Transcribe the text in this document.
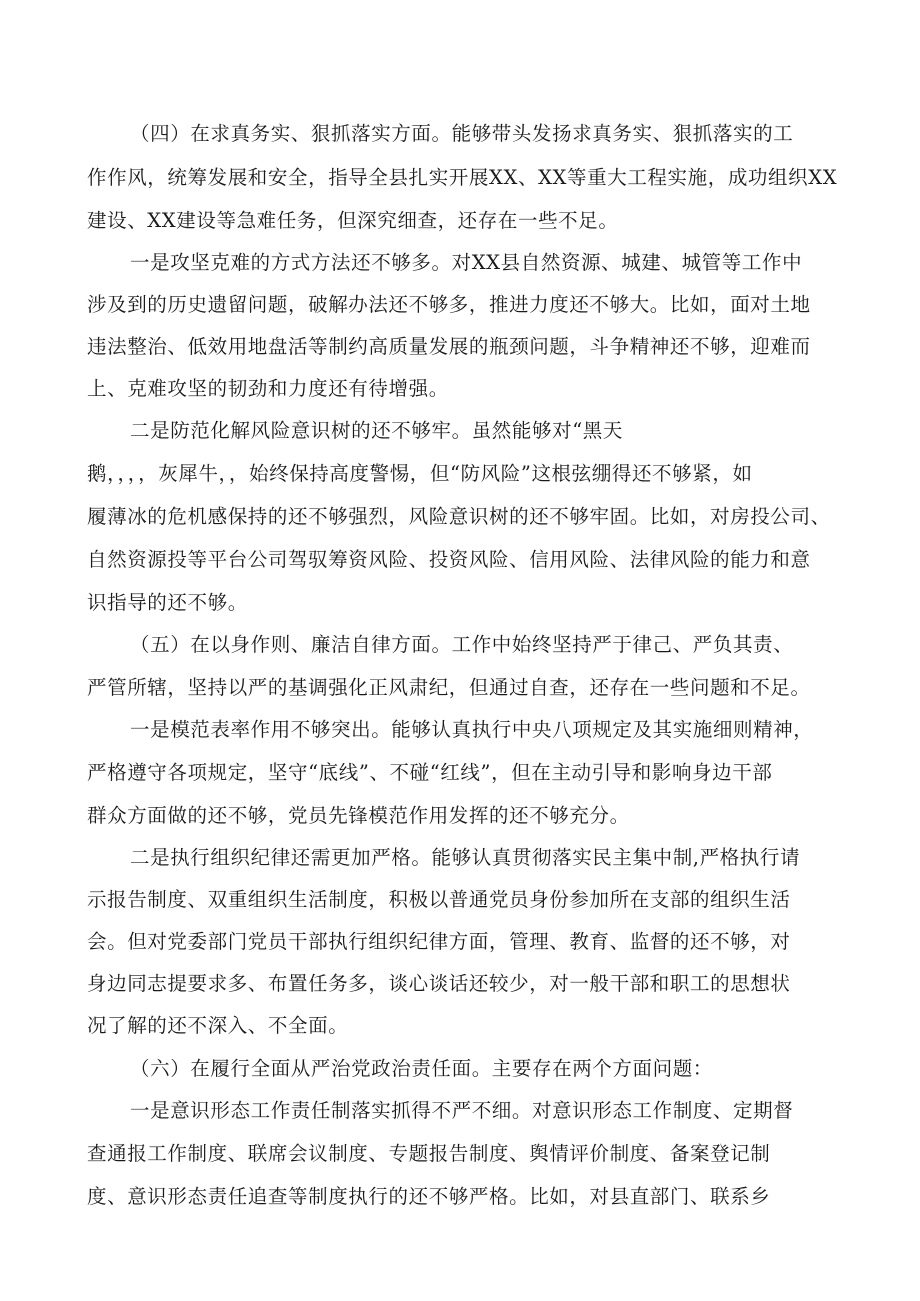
（四）在求真务实、狠抓落实方面。能够带头发扬求真务实、狠抓落实的工
作作风，统筹发展和安全，指导全县扎实开展XX、XX等重大工程实施，成功组织XX
建设、XX建设等急难任务，但深究细查，还存在一些不足。
一是攻坚克难的方式方法还不够多。对XX县自然资源、城建、城管等工作中
涉及到的历史遗留问题，破解办法还不够多，推进力度还不够大。比如，面对土地
违法整治、低效用地盘活等制约高质量发展的瓶颈问题，斗争精神还不够，迎难而
上、克难攻坚的韧劲和力度还有待增强。
二是防范化解风险意识树的还不够牢。虽然能够对“黑天
鹅，，，，灰犀牛，，始终保持高度警惕，但“防风险”这根弦绷得还不够紧，如
履薄冰的危机感保持的还不够强烈，风险意识树的还不够牢固。比如，对房投公司、
自然资源投等平台公司驾驭筹资风险、投资风险、信用风险、法律风险的能力和意
识指导的还不够。
（五）在以身作则、廉洁自律方面。工作中始终坚持严于律己、严负其责、
严管所辖，坚持以严的基调强化正风肃纪，但通过自查，还存在一些问题和不足。
一是模范表率作用不够突出。能够认真执行中央八项规定及其实施细则精神，
严格遵守各项规定，坚守“底线”、不碰“红线”，但在主动引导和影响身边干部
群众方面做的还不够，党员先锋模范作用发挥的还不够充分。
二是执行组织纪律还需更加严格。能够认真贯彻落实民主集中制,严格执行请
示报告制度、双重组织生活制度，积极以普通党员身份参加所在支部的组织生活
会。但对党委部门党员干部执行组织纪律方面，管理、教育、监督的还不够，对
身边同志提要求多、布置任务多，谈心谈话还较少，对一般干部和职工的思想状
况了解的还不深入、不全面。
（六）在履行全面从严治党政治责任面。主要存在两个方面问题：
一是意识形态工作责任制落实抓得不严不细。对意识形态工作制度、定期督
查通报工作制度、联席会议制度、专题报告制度、舆情评价制度、备案登记制
度、意识形态责任追查等制度执行的还不够严格。比如，对县直部门、联系乡
